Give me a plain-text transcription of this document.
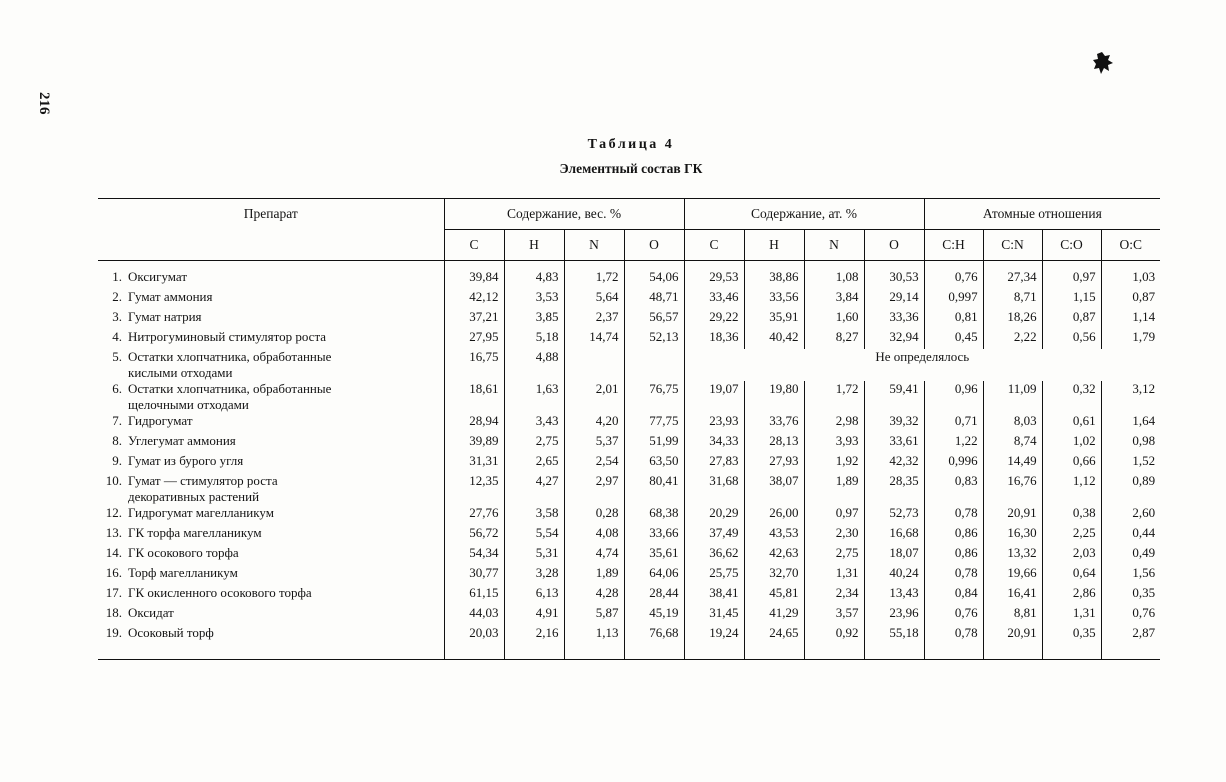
216
Таблица 4
Элементный состав ГК
Препарат	Содержание, вес. %				Содержание, ат. %				Атомные отношения			
	C	H	N	O	C	H	N	O	C:H	C:N	C:O	O:C
1. Оксигумат	39,84	4,83	1,72	54,06	29,53	38,86	1,08	30,53	0,76	27,34	0,97	1,03
2. Гумат аммония	42,12	3,53	5,64	48,71	33,46	33,56	3,84	29,14	0,997	8,71	1,15	0,87
3. Гумат натрия	37,21	3,85	2,37	56,57	29,22	35,91	1,60	33,36	0,81	18,26	0,87	1,14
4. Нитрогуминовый стимулятор роста	27,95	5,18	14,74	52,13	18,36	40,42	8,27	32,94	0,45	2,22	0,56	1,79
5. Остатки хлопчатника, обработанные
кислыми отходами	16,75	4,88			Не определялось							
6. Остатки хлопчатника, обработанные
щелочными отходами	18,61	1,63	2,01	76,75	19,07	19,80	1,72	59,41	0,96	11,09	0,32	3,12
7. Гидрогумат	28,94	3,43	4,20	77,75	23,93	33,76	2,98	39,32	0,71	8,03	0,61	1,64
8. Углегумат аммония	39,89	2,75	5,37	51,99	34,33	28,13	3,93	33,61	1,22	8,74	1,02	0,98
9. Гумат из бурого угля	31,31	2,65	2,54	63,50	27,83	27,93	1,92	42,32	0,996	14,49	0,66	1,52
10. Гумат — стимулятор роста
декоративных растений	12,35	4,27	2,97	80,41	31,68	38,07	1,89	28,35	0,83	16,76	1,12	0,89
12. Гидрогумат магелланикум	27,76	3,58	0,28	68,38	20,29	26,00	0,97	52,73	0,78	20,91	0,38	2,60
13. ГК торфа магелланикум	56,72	5,54	4,08	33,66	37,49	43,53	2,30	16,68	0,86	16,30	2,25	0,44
14. ГК осокового торфа	54,34	5,31	4,74	35,61	36,62	42,63	2,75	18,07	0,86	13,32	2,03	0,49
16. Торф магелланикум	30,77	3,28	1,89	64,06	25,75	32,70	1,31	40,24	0,78	19,66	0,64	1,56
17. ГК окисленного осокового торфа	61,15	6,13	4,28	28,44	38,41	45,81	2,34	13,43	0,84	16,41	2,86	0,35
18. Оксидат	44,03	4,91	5,87	45,19	31,45	41,29	3,57	23,96	0,76	8,81	1,31	0,76
19. Осоковый торф	20,03	2,16	1,13	76,68	19,24	24,65	0,92	55,18	0,78	20,91	0,35	2,87
